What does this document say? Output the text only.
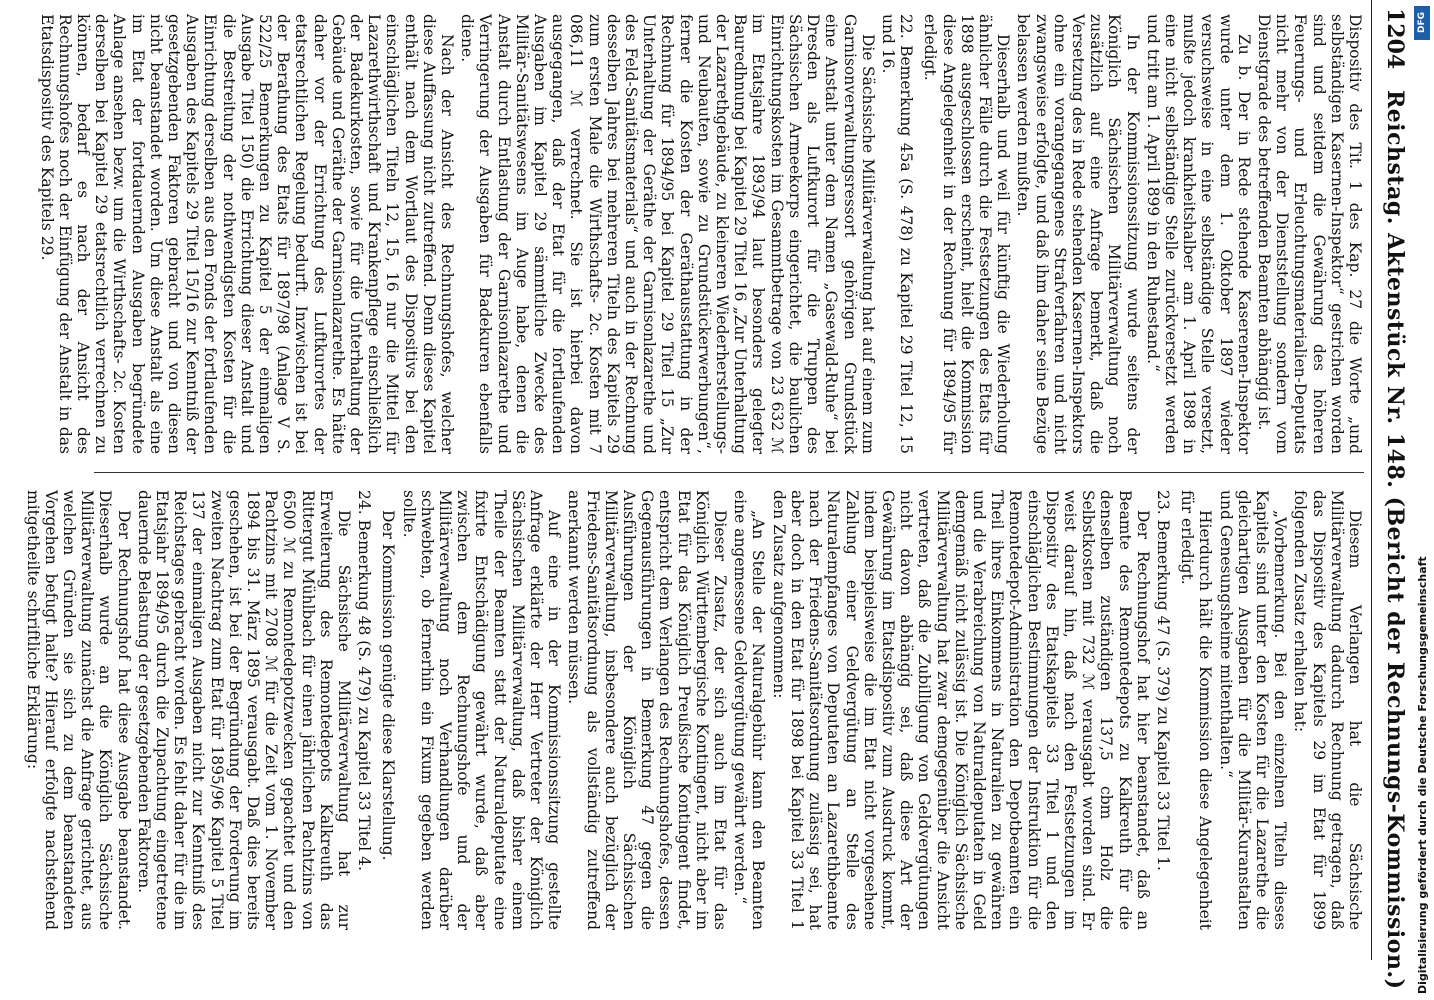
1204
Reichstag. Aktenstück Nr. 148. (Bericht der Rechnungs-Kommission.)

Dispositiv des Tit. 1 des Kap. 27 die Worte „und selbständigen Kasernen-Inspektor“ gestrichen worden sind und seitdem die Gewährung des höheren Feuerungs- und Erleuchtungsmaterialien-Deputats nicht mehr von der Dienststellung sondern vom Dienstgrade des betreffenden Beamten abhängig ist.

Zu b. Der in Rede stehende Kaserenen-Inspektor wurde unter dem 1. Oktober 1897 wieder versuchsweise in eine selbständige Stelle versetzt, mußte jedoch krankheitshalber am 1. April 1898 in eine nicht selbständige Stelle zurückversetzt werden und tritt am 1. April 1899 in den Ruhestand.“

In der Kommissionssitzung wurde seitens der Königlich Sächsischen Militärverwaltung noch zusätzlich auf eine Anfrage bemerkt, daß die Versetzung des in Rede stehenden Kasernen-Inspektors ohne ein vorangegangenes Strafverfahren und nicht zwangsweise erfolgte, und daß ihm daher seine Bezüge belassen werden mußten.

Dieserhalb und weil für künftig die Wiederholung ähnlicher Fälle durch die Festsetzungen des Etats für 1898 ausgeschlossen erscheint, hielt die Kommission diese Angelegenheit in der Rechnung für 1894/95 für erledigt.

22. Bemerkung 45a (S. 478) zu Kapitel 29 Titel 12, 15 und 16.

Die Sächsische Militärverwaltung hat auf einem zum Garnisonverwaltungsressort gehörigen Grundstück eine Anstalt unter dem Namen „Gasewald-Ruhe“ bei Dresden als Luftkurort für die Truppen des Sächsischen Armeekorps eingerichtet, die baulichen Einrichtungskosten im Gesammtbetrage von 23 632 ℳ im Etatsjahre 1893/94 laut besonders gelegter Bauredhnung bei Kapitel 29 Titel 16 „Zur Unterhaltung der Lazarethgebäude, zu kleineren Wiederherstellungs- und Neubauten, sowie zu Grundstückerwerbungen“, ferner die Kosten der Geräthausstattung in der Rechnung für 1894/95 bei Kapitel 29 Titel 15 „Zur Unterhaltung der Geräthe der Garnisonlazarethe und des Feld-Sanitätsmaterials“ und auch in der Rechnung desselben Jahres bei mehreren Titeln des Kapitels 29 zum ersten Male die Wirthschafts- 2c. Kosten mit 7 086,11 ℳ verrechnet. Sie ist hierbei davon ausgegangen, daß der Etat für die fortlaufenden Ausgaben im Kapitel 29 sämmtliche Zwecke des Militär-Sanitätswesens im Auge habe, denen die Anstalt durch Entlastung der Garnisonlazarethe und Verringerung der Ausgaben für Badekuren ebenfalls diene.

Nach der Ansicht des Rechnungshofes, welcher diese Auffassung nicht zutreffend. Denn dieses Kapitel enthält nach dem Wortlaut des Dispositivs bei den einschläglichen Titeln 12, 15, 16 nur die Mittel für Lazarethwirthschaft und Krankenpflege einschließlich der Badekurkosten, sowie für die Unterhaltung der Gebäude und Geräthe der Garnisonlazarethe. Es hätte daher vor der Errichtung des Luftkurortes der etatsrechtlichen Regelung bedurft. Inzwischen ist bei der Berathung des Etats für 1897/98 (Anlage V S. 522/25 Bemerkungen zu Kapitel 5 der einmaligen Ausgabe Titel 150) die Errichtung dieser Anstalt und die Bestreitung der nothwendigsten Kosten für die Einrichtung derselben aus den Fonds der fortlaufenden Ausgaben des Kapitels 29 Titel 15/16 zur Kenntniß der gesetzgebenden Faktoren gebracht und von diesen nicht beanstandet worden. Um diese Anstalt als eine im Etat der fortdauernden Ausgaben begründete Anlage ansehen bezw. um die Wirthschafts- 2c. Kosten derselben bei Kapitel 29 etatsrechtlich verrechnen zu können, bedarf es nach der Ansicht des Rechnungshofes noch der Einfügung der Anstalt in das Etatsdispositiv des Kapitels 29.

Diesem Verlangen hat die Sächsische Militärverwaltung dadurch Rechnung getragen, daß das Dispositiv des Kapitels 29 im Etat für 1899 folgenden Zusatz erhalten hat:

„Vorbemerkung. Bei den einzelnen Titeln dieses Kapitels sind unter den Kosten für die Lazarethe die gleichartigen Ausgaben für die Militär-Kuranstalten und Genesungsheime mitenthalten.“

Hierdurch hält die Kommission diese Angelegenheit für erledigt.

23. Bemerkung 47 (S. 379) zu Kapitel 33 Titel 1.

Der Rechnungshof hat hier beanstandet, daß an Beamte des Remontedepots zu Kalkreuth für die denselben zuständigen 137,5 cbm Holz die Selbstkosten mit 732 ℳ verausgabt worden sind. Er weist darauf hin, daß nach den Festsetzungen im Dispositiv des Etatskapitels 33 Titel 1 und den einschläglichen Bestimmungen der Instruktion für die Remontedepot-Administration den Depotbeamten ein Theil ihres Einkommens in Naturalien zu gewähren und die Verabreichung von Naturaldeputaten in Geld demgemäß nicht zulässig ist. Die Königlich Sächsische Militärverwaltung hat zwar demgegenüber die Ansicht vertreten, daß die Zubilligung von Geldvergütungen nicht davon abhängig sei, daß diese Art der Gewährung im Etatsdispositiv zum Ausdruck kommt, indem beispielsweise die im Etat nicht vorgesehene Zahlung einer Geldvergütung an Stelle des Naturalempfanges von Deputaten an Lazarethbeamte nach der Friedens-Sanitätsordnung zulässig sei, hat aber doch in den Etat für 1898 bei Kapitel 33 Titel 1 den Zusatz aufgenommen:

„An Stelle der Naturalgebühr kann den Beamten eine angemessene Geldvergütung gewährt werden.“

Dieser Zusatz, der sich auch im Etat für das Königlich Württembergische Kontingent, nicht aber im Etat für das Königlich Preußische Kontingent findet, entspricht dem Verlangen des Rechnungshofes, dessen Gegenausführungen in Bemerkung 47 gegen die Ausführungen der Königlich Sächsischen Militärverwaltung, insbesondere auch bezüglich der Friedens-Sanitätsordnung als vollständig zutreffend anerkannt werden müssen.

Auf eine in der Kommissionssitzung gestellte Anfrage erklärte der Herr Vertreter der Königlich Sächsischen Militärverwaltung, daß bisher einem Theile der Beamten statt der Naturaldeputate eine fixirte Entschädigung gewährt wurde, daß aber zwischen dem Rechnungshofe und der Militärverwaltung noch Verhandlungen darüber schwebten, ob fernerhin ein Fixum gegeben werden sollte.

Der Kommission genügte diese Klarstellung.

24. Bemerkung 48 (S. 479) zu Kapitel 33 Titel 4.

Die Sächsische Militärverwaltung hat zur Erweiterung des Remontedepots Kalkreuth das Rittergut Mühlbach für einen jährlichen Pachtzins von 6500 ℳ zu Remontedepotzwecken gepachtet und den Pachtzins mit 2708 ℳ für die Zeit vom 1. November 1894 bis 31. März 1895 verausgabt. Daß dies bereits geschehen, ist bei der Begründung der Forderung im zweiten Nachtrag zum Etat für 1895/96 Kapitel 5 Titel 137 der einmaligen Ausgaben nicht zur Kenntniß des Reichstages gebracht worden. Es fehlt daher für die im Etatsjahr 1894/95 durch die Zupachtung eingetretene dauernde Belastung der gesetzgebenden Faktoren.

Der Rechnungshof hat diese Ausgabe beanstandet. Dieserhalb wurde an die Königlich Sächsische Militärverwaltung zunächst die Anfrage gerichtet, aus welchen Gründen sie sich zu dem beanstandeten Vorgehen befugt halte? Hierauf erfolgte nachstehend mitgetheilte schriftliche Erklärung:

DFG
Digitalisierung gefördert durch die Deutsche Forschungsgemeinschaft
